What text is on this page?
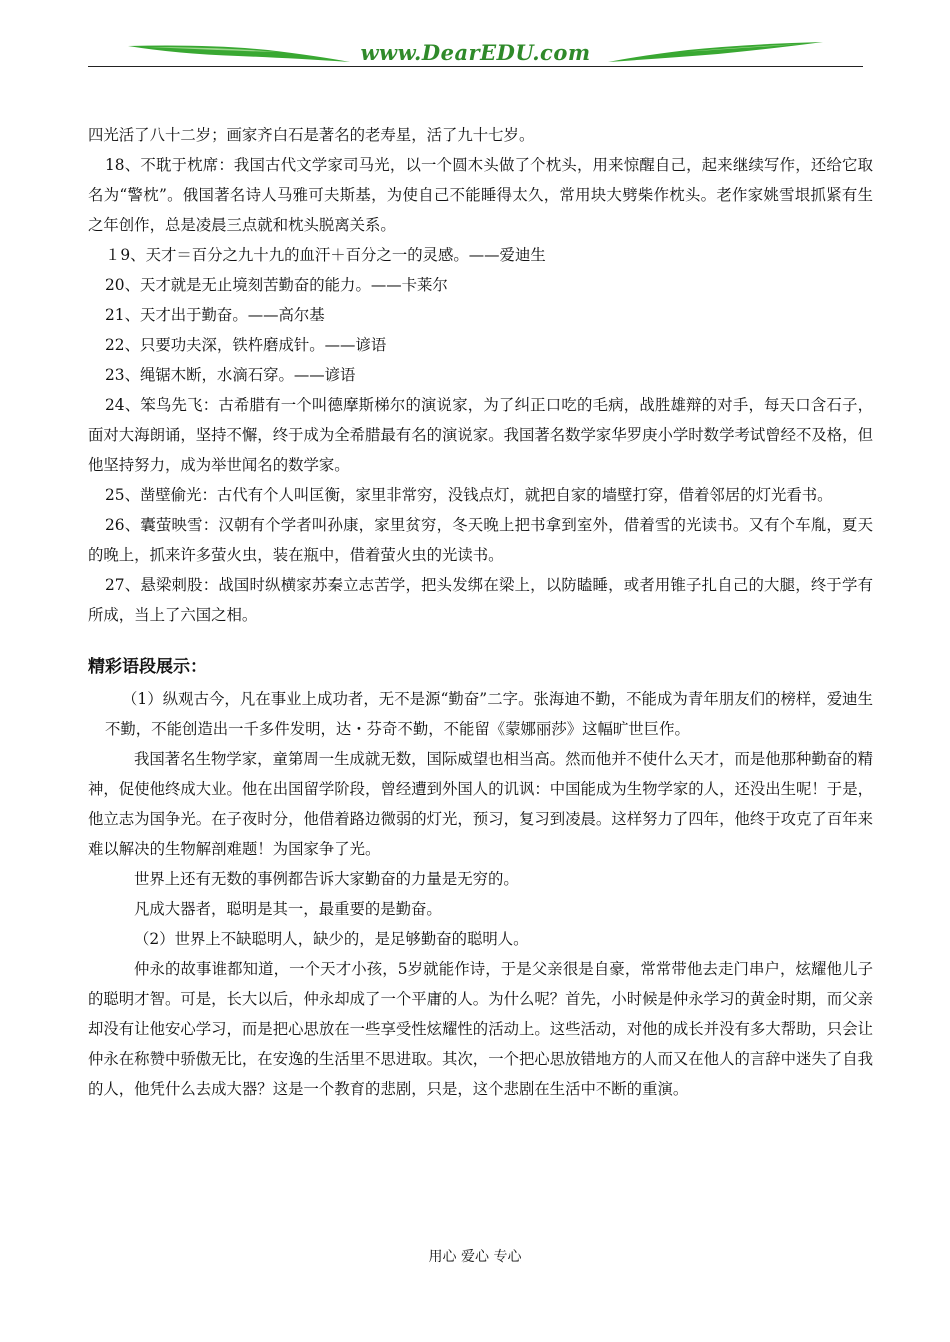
www.DearEDU.com

四光活了八十二岁；画家齐白石是著名的老寿星，活了九十七岁。

18、不耽于枕席：我国古代文学家司马光，以一个圆木头做了个枕头，用来惊醒自己，起来继续写作，还给它取名为“警枕”。俄国著名诗人马雅可夫斯基，为使自己不能睡得太久，常用块大劈柴作枕头。老作家姚雪垠抓紧有生之年创作，总是凌晨三点就和枕头脱离关系。

１9、天才＝百分之九十九的血汗＋百分之一的灵感。——爱迪生

20、天才就是无止境刻苦勤奋的能力。——卡莱尔

21、天才出于勤奋。——高尔基

22、只要功夫深，铁杵磨成针。——谚语

23、绳锯木断，水滴石穿。——谚语

24、笨鸟先飞：古希腊有一个叫德摩斯梯尔的演说家，为了纠正口吃的毛病，战胜雄辩的对手，每天口含石子，面对大海朗诵，坚持不懈，终于成为全希腊最有名的演说家。我国著名数学家华罗庚小学时数学考试曾经不及格，但他坚持努力，成为举世闻名的数学家。

25、凿壁偷光：古代有个人叫匡衡，家里非常穷，没钱点灯，就把自家的墙壁打穿，借着邻居的灯光看书。

26、囊萤映雪：汉朝有个学者叫孙康，家里贫穷，冬天晚上把书拿到室外，借着雪的光读书。又有个车胤，夏天的晚上，抓来许多萤火虫，装在瓶中，借着萤火虫的光读书。

27、悬梁刺股：战国时纵横家苏秦立志苦学，把头发绑在梁上，以防瞌睡，或者用锥子扎自己的大腿，终于学有所成，当上了六国之相。

精彩语段展示：

（1）纵观古今，凡在事业上成功者，无不是源“勤奋”二字。张海迪不勤，不能成为青年朋友们的榜样，爱迪生不勤，不能创造出一千多件发明，达・芬奇不勤，不能留《蒙娜丽莎》这幅旷世巨作。

我国著名生物学家，童第周一生成就无数，国际威望也相当高。然而他并不使什么天才，而是他那种勤奋的精神，促使他终成大业。他在出国留学阶段，曾经遭到外国人的讥讽：中国能成为生物学家的人，还没出生呢！于是，他立志为国争光。在子夜时分，他借着路边微弱的灯光，预习，复习到凌晨。这样努力了四年，他终于攻克了百年来难以解决的生物解剖难题！为国家争了光。

世界上还有无数的事例都告诉大家勤奋的力量是无穷的。

凡成大器者，聪明是其一，最重要的是勤奋。

（2）世界上不缺聪明人，缺少的，是足够勤奋的聪明人。

仲永的故事谁都知道，一个天才小孩，5岁就能作诗，于是父亲很是自豪，常常带他去走门串户，炫耀他儿子的聪明才智。可是，长大以后，仲永却成了一个平庸的人。为什么呢？首先，小时候是仲永学习的黄金时期，而父亲却没有让他安心学习，而是把心思放在一些享受性炫耀性的活动上。这些活动，对他的成长并没有多大帮助，只会让仲永在称赞中骄傲无比，在安逸的生活里不思进取。其次，一个把心思放错地方的人而又在他人的言辞中迷失了自我的人，他凭什么去成大器？这是一个教育的悲剧，只是，这个悲剧在生活中不断的重演。

用心 爱心 专心
